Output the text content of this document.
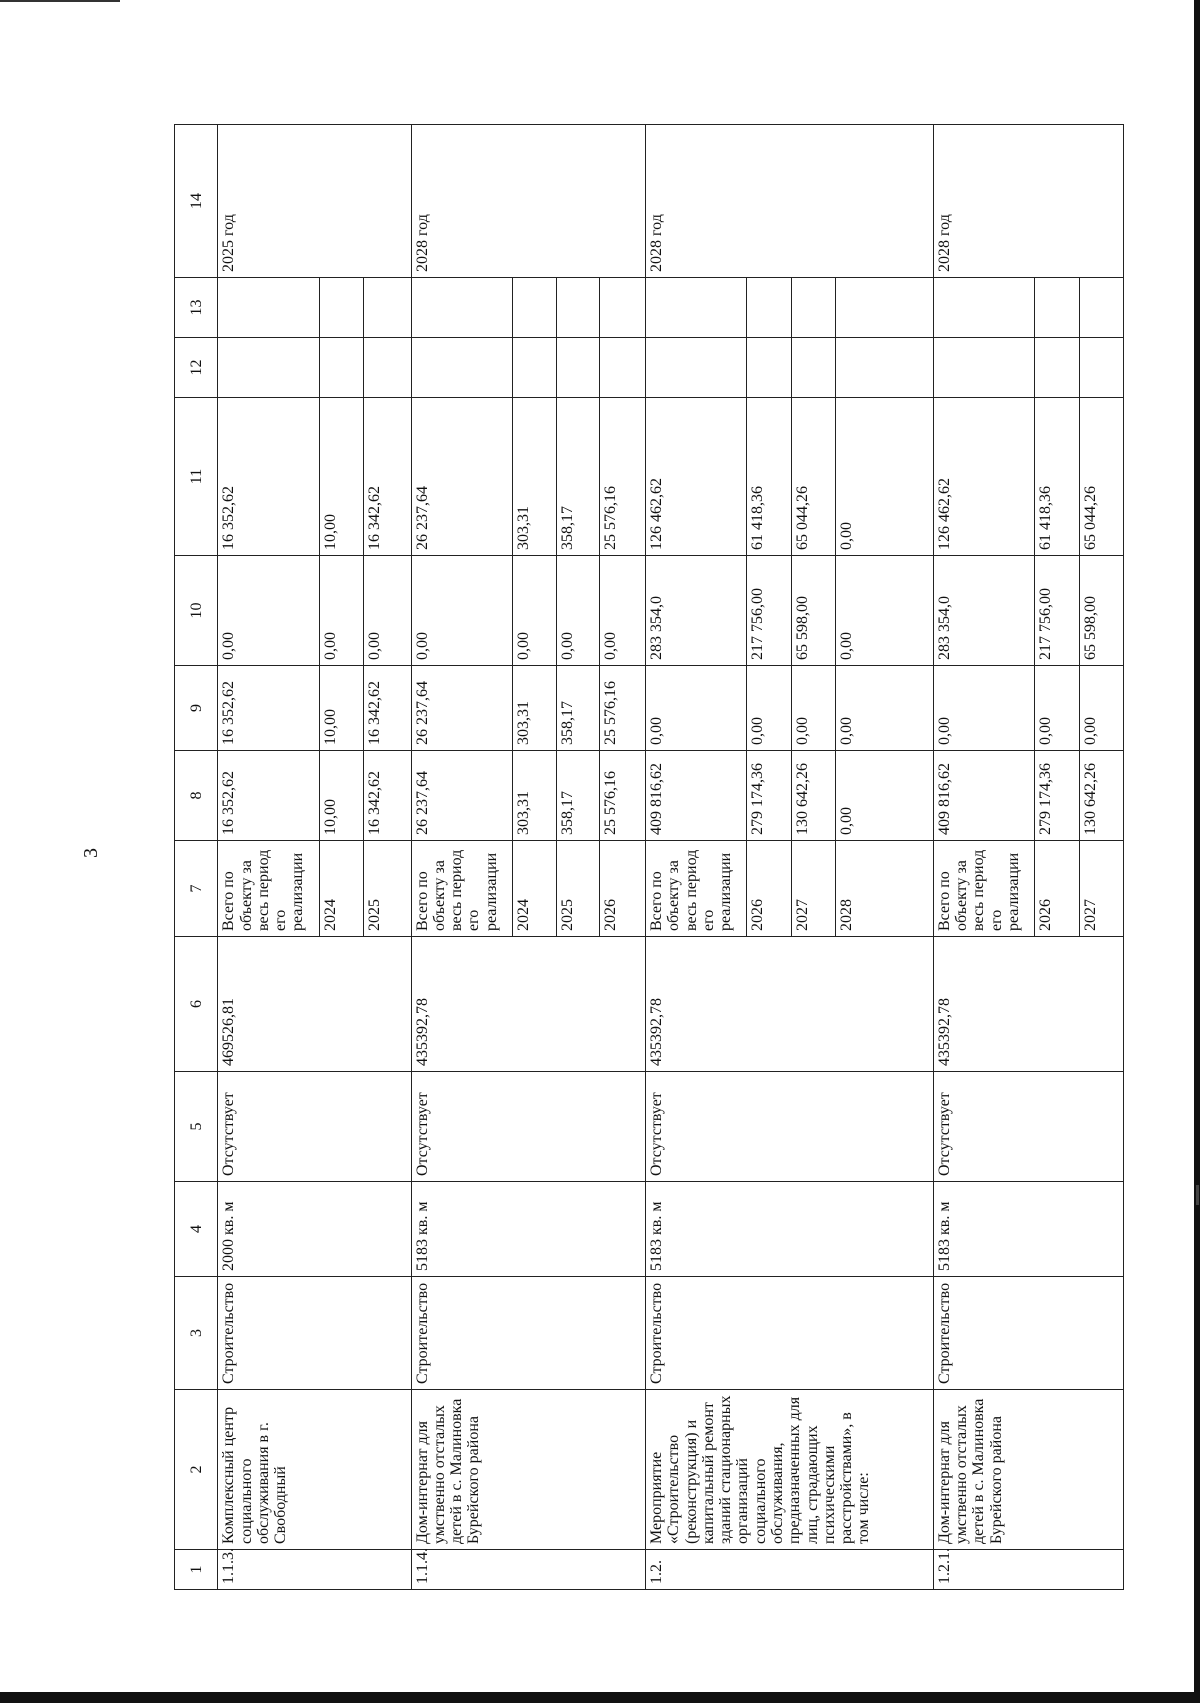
3
1	2	3	4	5	6	7	8	9	10	11	12	13	14
1.1.3.	Комплексный центр социального обслуживания в г. Свободный	Строительство	2000 кв. м	Отсутствует	469526,81	Всего по объекту за весь период его реализации	16 352,62	16 352,62	0,00	16 352,62			2025 год
						2024	10,00	10,00	0,00	10,00			
						2025	16 342,62	16 342,62	0,00	16 342,62			
1.1.4.	Дом-интернат для умственно отсталых детей в с. Малиновка Бурейского района	Строительство	5183 кв. м	Отсутствует	435392,78	Всего по объекту за весь период его реализации	26 237,64	26 237,64	0,00	26 237,64			2028 год
						2024	303,31	303,31	0,00	303,31			
						2025	358,17	358,17	0,00	358,17			
						2026	25 576,16	25 576,16	0,00	25 576,16			
1.2.	Мероприятие «Строительство (реконструкция) и капитальный ремонт зданий стационарных организаций социального обслуживания, предназначенных для лиц, страдающих психическими расстройствами», в том числе:	Строительство	5183 кв. м	Отсутствует	435392,78	Всего по объекту за весь период его реализации	409 816,62	0,00	283 354,0	126 462,62			2028 год
						2026	279 174,36	0,00	217 756,00	61 418,36			
						2027	130 642,26	0,00	65 598,00	65 044,26			
						2028	0,00	0,00	0,00	0,00			
1.2.1.	Дом-интернат для умственно отсталых детей в с. Малиновка Бурейского района	Строительство	5183 кв. м	Отсутствует	435392,78	Всего по объекту за весь период его реализации	409 816,62	0,00	283 354,0	126 462,62			2028 год
						2026	279 174,36	0,00	217 756,00	61 418,36			
						2027	130 642,26	0,00	65 598,00	65 044,26			
